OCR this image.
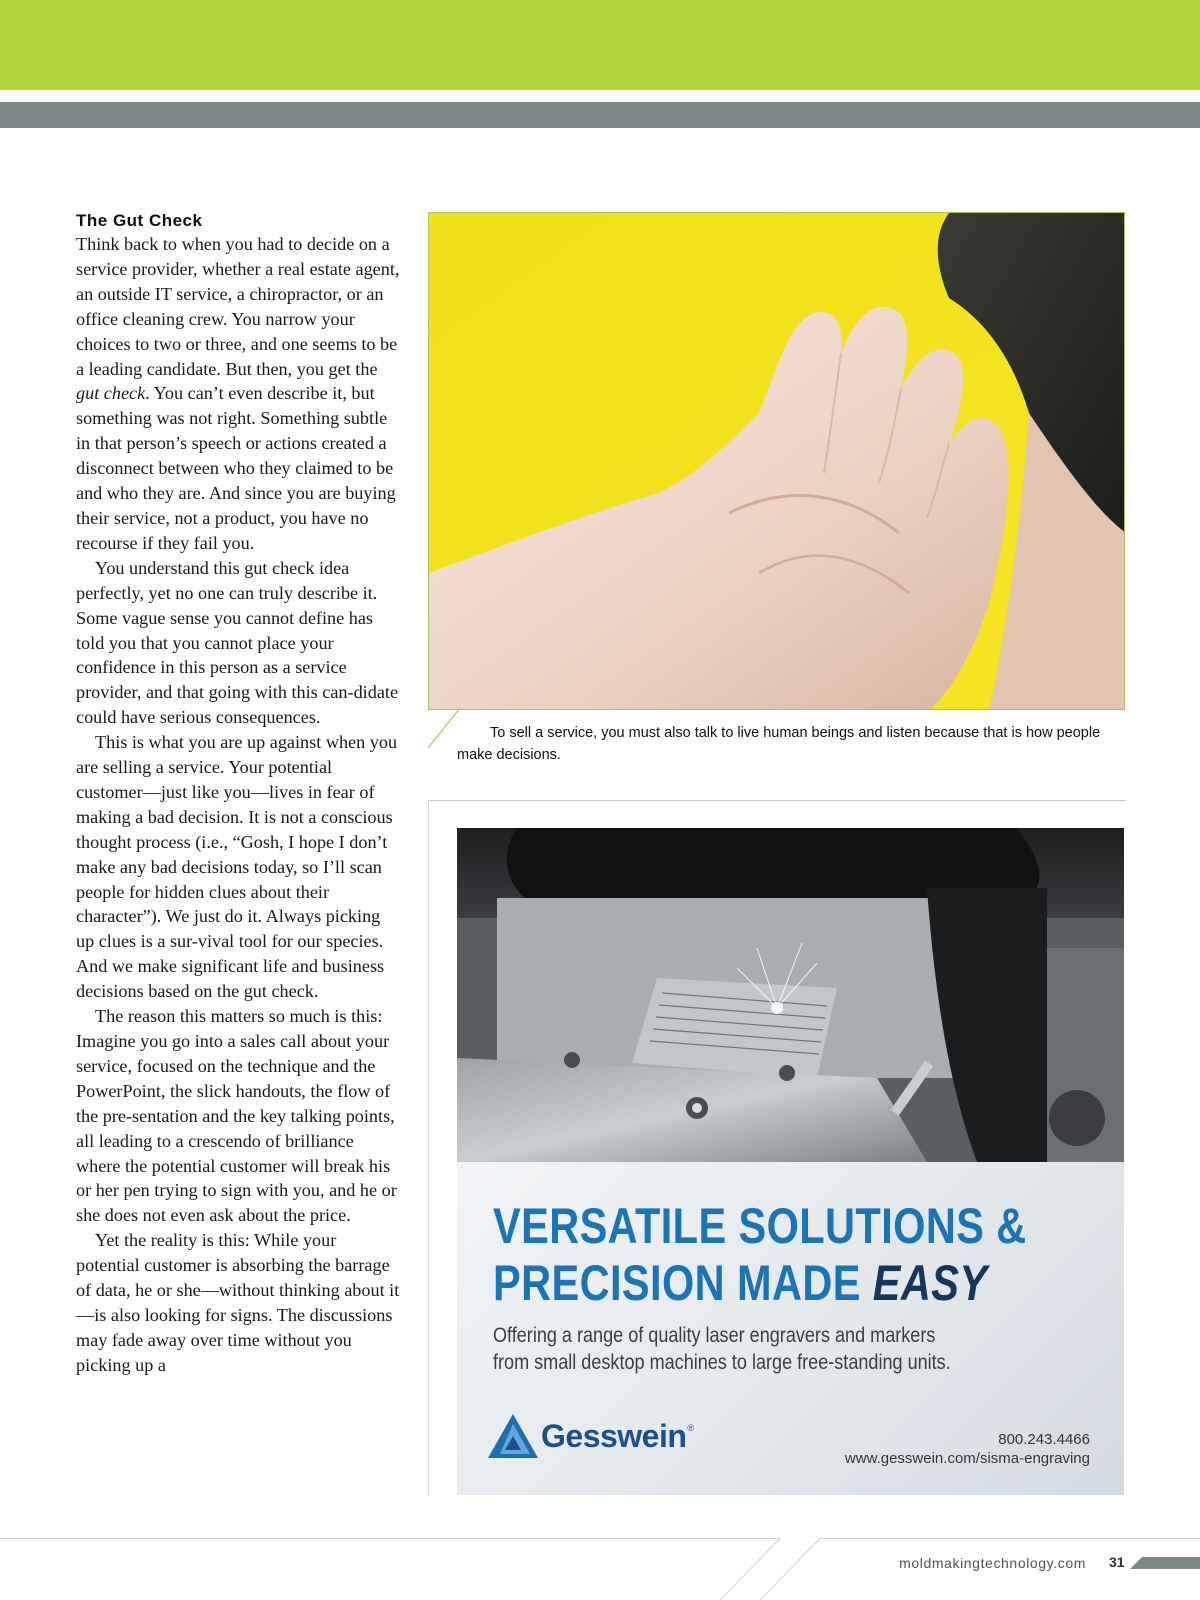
The Gut Check

Think back to when you had to decide on a service provider, whether a real estate agent, an outside IT service, a chiropractor, or an office cleaning crew. You narrow your choices to two or three, and one seems to be a leading candidate. But then, you get the gut check. You can’t even describe it, but something was not right. Something subtle in that person’s speech or actions created a disconnect between who they claimed to be and who they are. And since you are buying their service, not a product, you have no recourse if they fail you.

You understand this gut check idea perfectly, yet no one can truly describe it. Some vague sense you cannot define has told you that you cannot place your confidence in this person as a service provider, and that going with this can-didate could have serious consequences.

This is what you are up against when you are selling a service. Your potential customer—just like you—lives in fear of making a bad decision. It is not a conscious thought process (i.e., “Gosh, I hope I don’t make any bad decisions today, so I’ll scan people for hidden clues about their character”). We just do it. Always picking up clues is a sur-vival tool for our species. And we make significant life and business decisions based on the gut check.

The reason this matters so much is this: Imagine you go into a sales call about your service, focused on the technique and the PowerPoint, the slick handouts, the flow of the pre-sentation and the key talking points, all leading to a crescendo of brilliance where the potential customer will break his or her pen trying to sign with you, and he or she does not even ask about the price.

Yet the reality is this: While your potential customer is absorbing the barrage of data, he or she—without thinking about it—is also looking for signs. The discussions may fade away over time without you picking up a

To sell a service, you must also talk to live human beings and listen because that is how people
make decisions.
VERSATILE SOLUTIONS &
PRECISION MADE EASY
Offering a range of quality laser engravers and markers
from small desktop machines to large free-standing units.
Gesswein ®
800.243.4466
www.gesswein.com/sisma-engraving
moldmakingtechnology.com 31
